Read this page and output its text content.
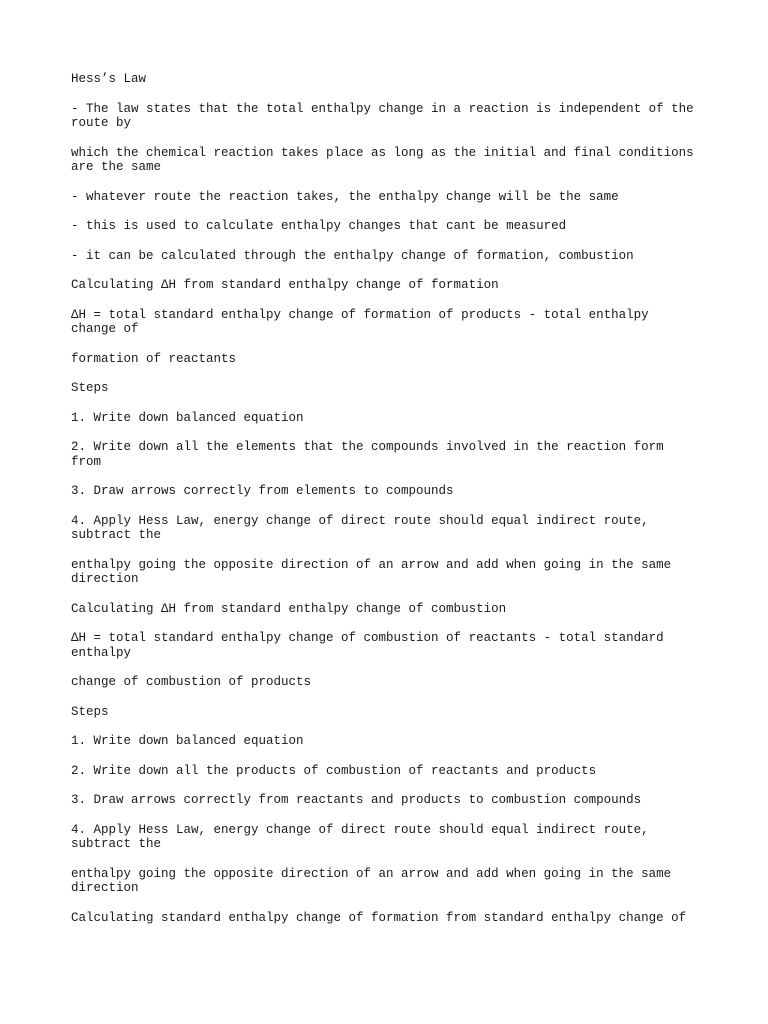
Hess’s Law

- The law states that the total enthalpy change in a reaction is independent of the route by

which the chemical reaction takes place as long as the initial and final conditions are the same

- whatever route the reaction takes, the enthalpy change will be the same

- this is used to calculate enthalpy changes that cant be measured

- it can be calculated through the enthalpy change of formation, combustion

Calculating ΔH from standard enthalpy change of formation

ΔH = total standard enthalpy change of formation of products - total enthalpy change of

formation of reactants

Steps

1. Write down balanced equation

2. Write down all the elements that the compounds involved in the reaction form from

3. Draw arrows correctly from elements to compounds

4. Apply Hess Law, energy change of direct route should equal indirect route, subtract the

enthalpy going the opposite direction of an arrow and add when going in the same direction

Calculating ΔH from standard enthalpy change of combustion

ΔH = total standard enthalpy change of combustion of reactants - total standard enthalpy

change of combustion of products

Steps

1. Write down balanced equation

2. Write down all the products of combustion of reactants and products

3. Draw arrows correctly from reactants and products to combustion compounds

4. Apply Hess Law, energy change of direct route should equal indirect route, subtract the

enthalpy going the opposite direction of an arrow and add when going in the same direction

Calculating standard enthalpy change of formation from standard enthalpy change of
